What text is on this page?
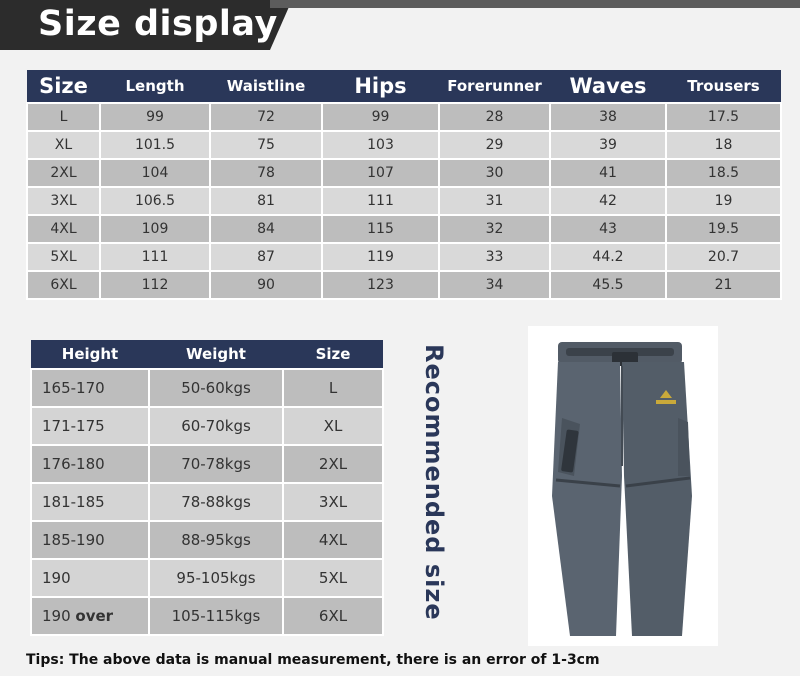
Size display
Size	Length	Waistline	Hips	Forerunner	Waves	Trousers
L	99	72	99	28	38	17.5
XL	101.5	75	103	29	39	18
2XL	104	78	107	30	41	18.5
3XL	106.5	81	111	31	42	19
4XL	109	84	115	32	43	19.5
5XL	111	87	119	33	44.2	20.7
6XL	112	90	123	34	45.5	21
Height	Weight	Size
165-170	50-60kgs	L
171-175	60-70kgs	XL
176-180	70-78kgs	2XL
181-185	78-88kgs	3XL
185-190	88-95kgs	4XL
190	95-105kgs	5XL
190 over	105-115kgs	6XL	Recommended size
Tips: The above data is manual measurement, there is an error of 1-3cm
